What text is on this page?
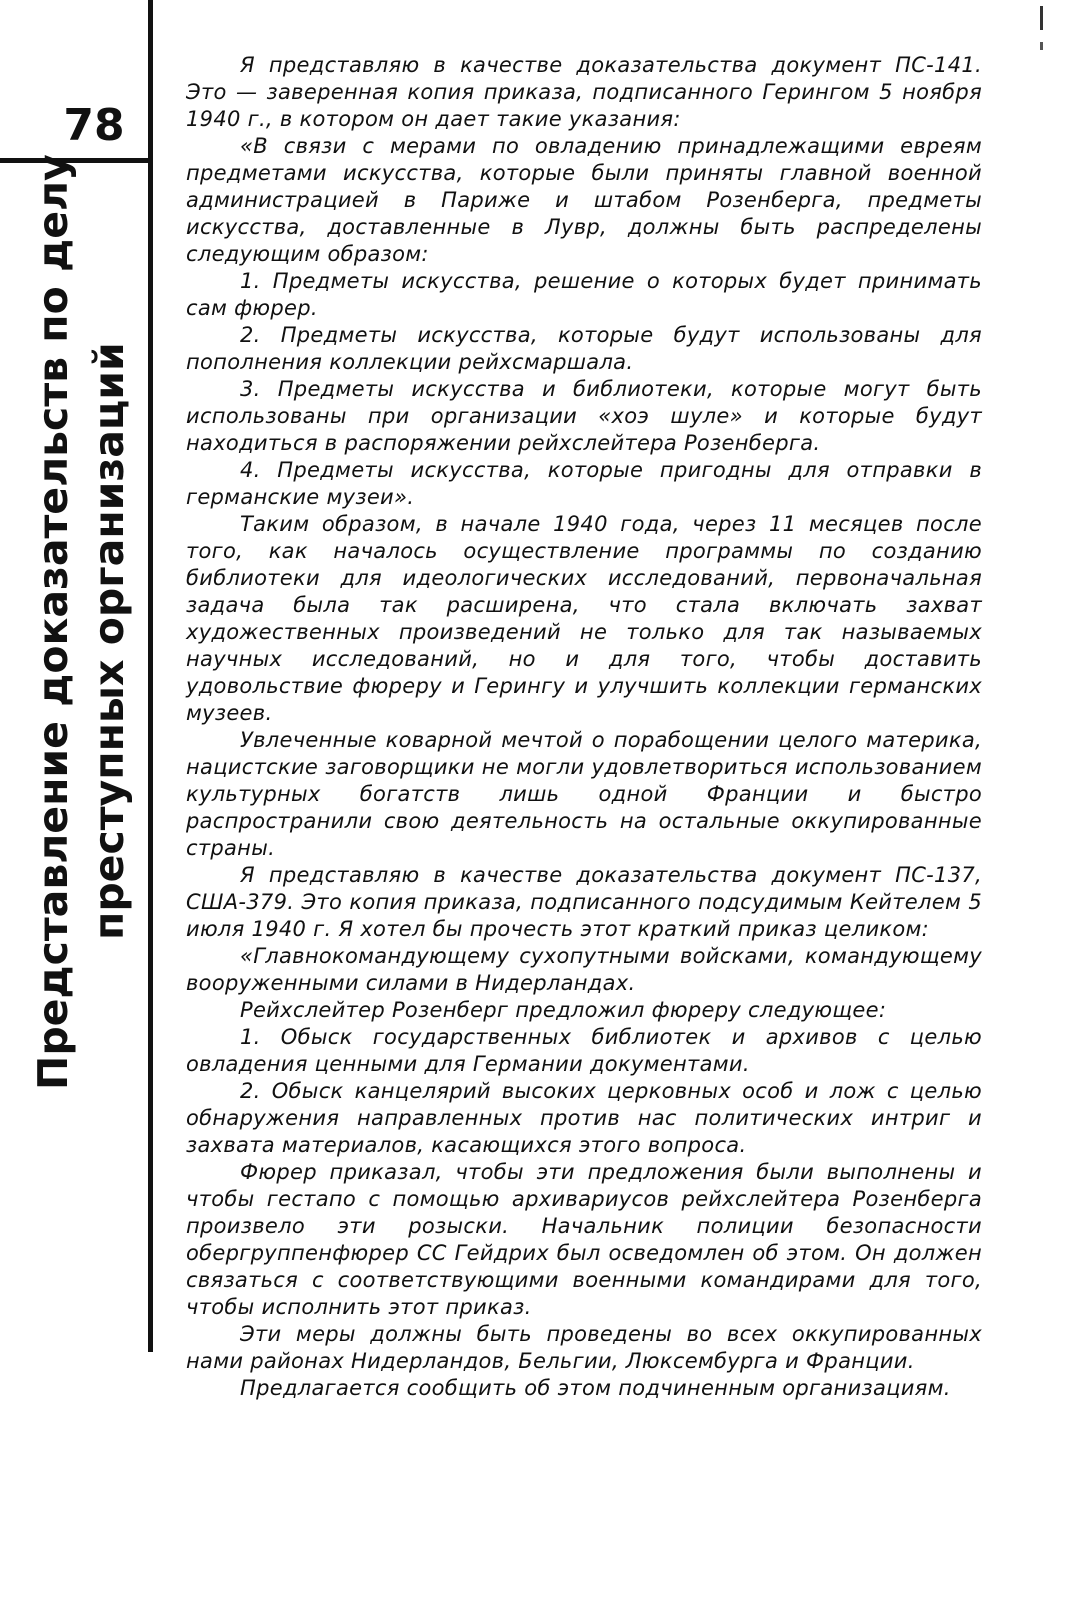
78
Представление доказательств по делу преступных организаций

Я представляю в качестве доказательства документ ПС-141. Это — заверенная копия приказа, подписанного Герингом 5 ноября 1940 г., в котором он дает такие указания:

«В связи с мерами по овладению принадлежащими евреям предметами искусства, которые были приняты главной военной администрацией в Париже и штабом Розенберга, предметы искусства, доставленные в Лувр, должны быть распределены следующим образом:

1. Предметы искусства, решение о которых будет принимать сам фюрер.

2. Предметы искусства, которые будут использованы для пополнения коллекции рейхсмаршала.

3. Предметы искусства и библиотеки, которые могут быть использованы при организации «хоэ шуле» и которые будут находиться в распоряжении рейхслейтера Розенберга.

4. Предметы искусства, которые пригодны для отправки в германские музеи».

Таким образом, в начале 1940 года, через 11 месяцев после того, как началось осуществление программы по созданию библиотеки для идеологических исследований, первоначальная задача была так расширена, что стала включать захват художественных произведений не только для так называемых научных исследований, но и для того, чтобы доставить удовольствие фюреру и Герингу и улучшить коллекции германских музеев.

Увлеченные коварной мечтой о порабощении целого материка, нацистские заговорщики не могли удовлетвориться использованием культурных богатств лишь одной Франции и быстро распространили свою деятельность на остальные оккупированные страны.

Я представляю в качестве доказательства документ ПС-137, США-379. Это копия приказа, подписанного подсудимым Кейтелем 5 июля 1940 г. Я хотел бы прочесть этот краткий приказ целиком:

«Главнокомандующему сухопутными войсками, командующему вооруженными силами в Нидерландах.

Рейхслейтер Розенберг предложил фюреру следующее:

1. Обыск государственных библиотек и архивов с целью овладения ценными для Германии документами.

2. Обыск канцелярий высоких церковных особ и лож с целью обнаружения направленных против нас политических интриг и захвата материалов, касающихся этого вопроса.

Фюрер приказал, чтобы эти предложения были выполнены и чтобы гестапо с помощью архивариусов рейхслейтера Розенберга произвело эти розыски. Начальник полиции безопасности обергруппенфюрер СС Гейдрих был осведомлен об этом. Он должен связаться с соответствующими военными командирами для того, чтобы исполнить этот приказ.

Эти меры должны быть проведены во всех оккупированных нами районах Нидерландов, Бельгии, Люксембурга и Франции.

Предлагается сообщить об этом подчиненным организациям.
